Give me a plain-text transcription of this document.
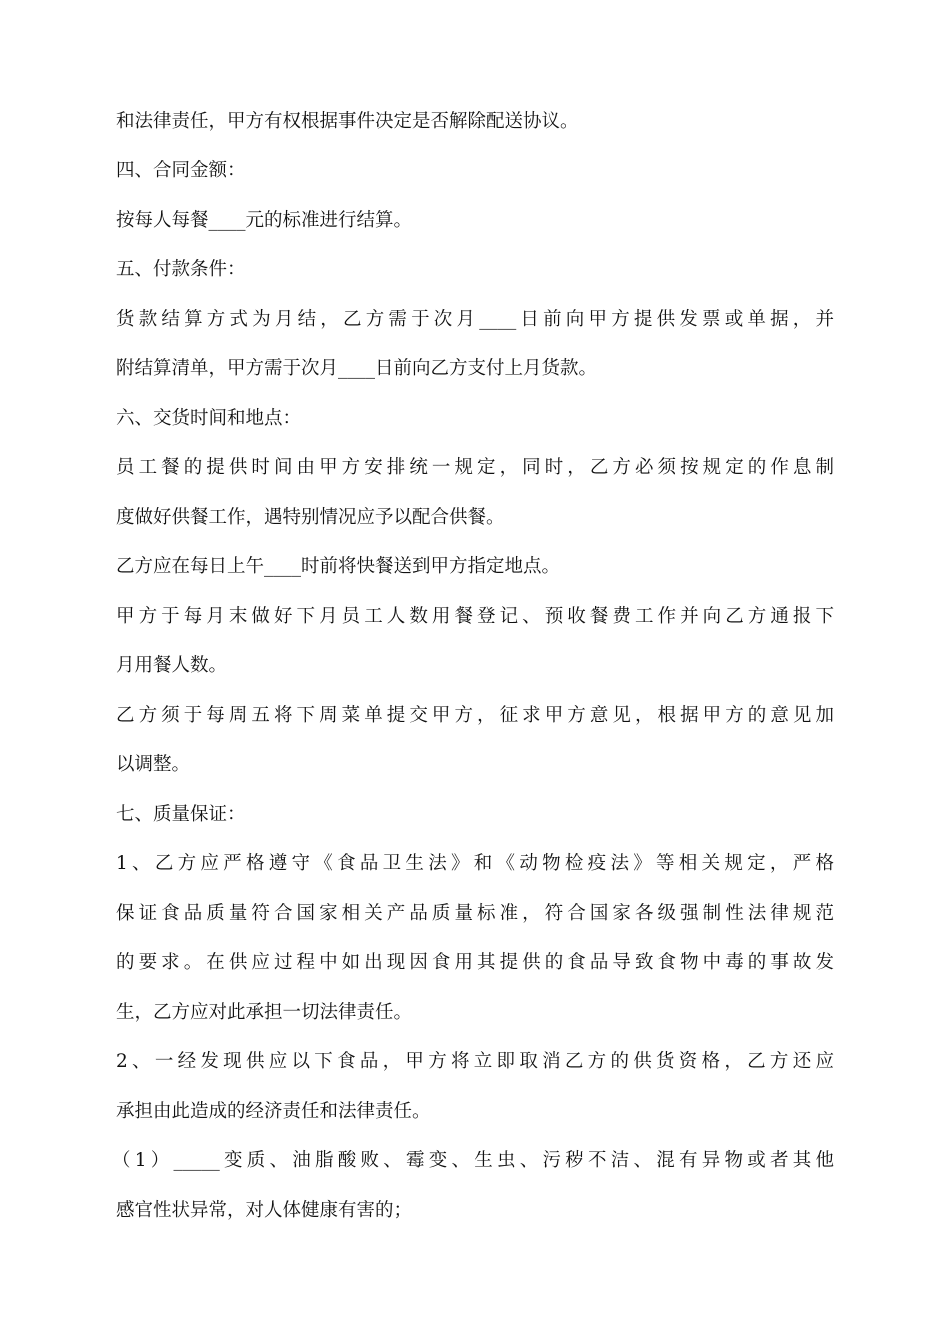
和法律责任，甲方有权根据事件决定是否解除配送协议。
四、合同金额：
按每人每餐____元的标准进行结算。
五、付款条件：
货款结算方式为月结，乙方需于次月____日前向甲方提供发票或单据，并
附结算清单，甲方需于次月____日前向乙方支付上月货款。
六、交货时间和地点：
员工餐的提供时间由甲方安排统一规定，同时，乙方必须按规定的作息制
度做好供餐工作，遇特别情况应予以配合供餐。
乙方应在每日上午____时前将快餐送到甲方指定地点。
甲方于每月末做好下月员工人数用餐登记、预收餐费工作并向乙方通报下
月用餐人数。
乙方须于每周五将下周菜单提交甲方，征求甲方意见，根据甲方的意见加
以调整。
七、质量保证：
1、乙方应严格遵守《食品卫生法》和《动物检疫法》等相关规定，严格
保证食品质量符合国家相关产品质量标准，符合国家各级强制性法律规范
的要求。在供应过程中如出现因食用其提供的食品导致食物中毒的事故发
生，乙方应对此承担一切法律责任。
2、一经发现供应以下食品，甲方将立即取消乙方的供货资格，乙方还应
承担由此造成的经济责任和法律责任。
（1）_____变质、油脂酸败、霉变、生虫、污秽不洁、混有异物或者其他
感官性状异常，对人体健康有害的；
